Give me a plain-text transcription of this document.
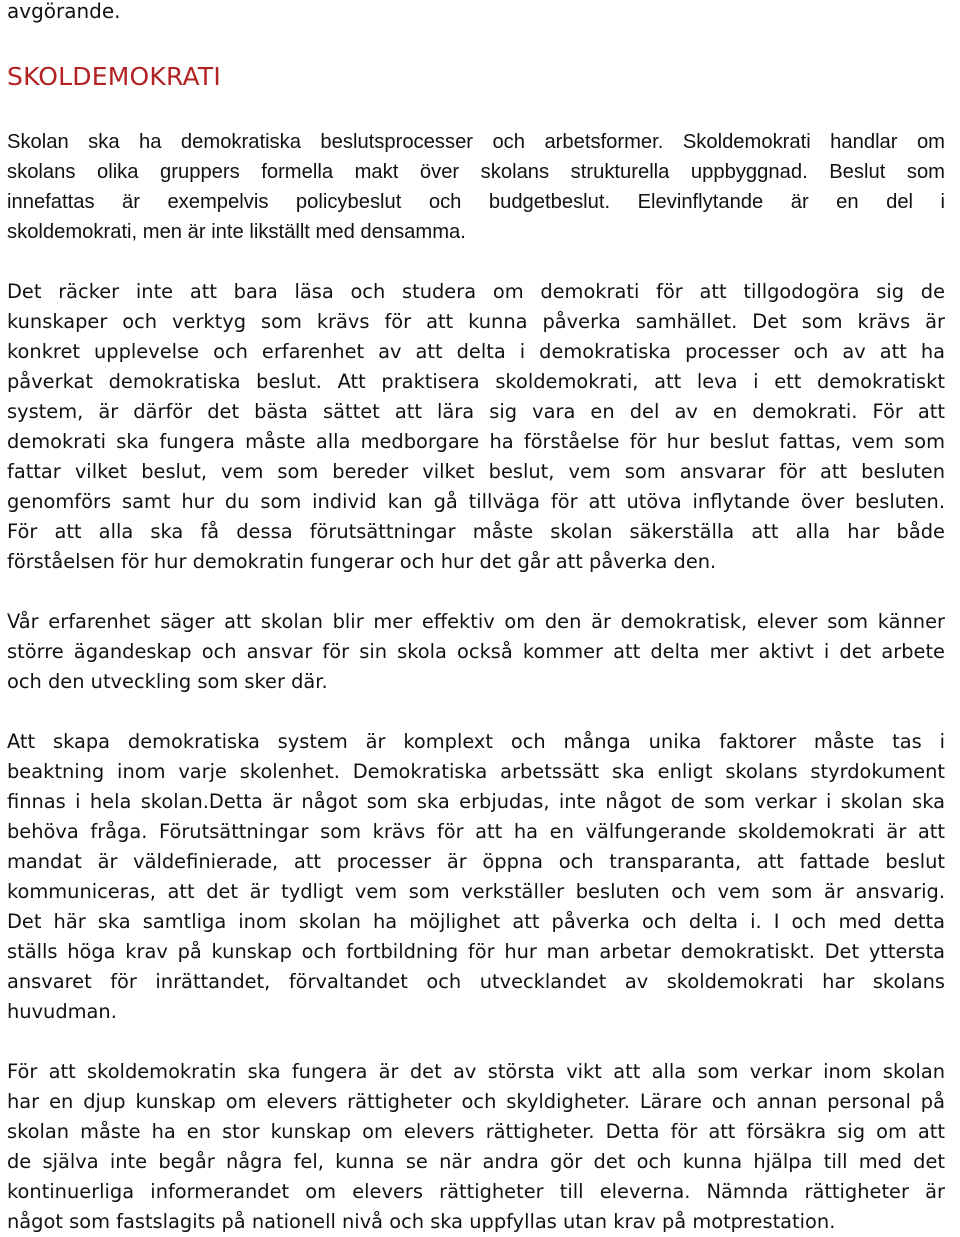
avgörande.

SKOLDEMOKRATI

Skolan ska ha demokratiska beslutsprocesser och arbetsformer. Skoldemokrati handlar om
skolans olika gruppers formella makt över skolans strukturella uppbyggnad. Beslut som
innefattas är exempelvis policybeslut och budgetbeslut. Elevinflytande är en del i
skoldemokrati, men är inte likställt med densamma.

Det räcker inte att bara läsa och studera om demokrati för att tillgodogöra sig de
kunskaper och verktyg som krävs för att kunna påverka samhället. Det som krävs är
konkret upplevelse och erfarenhet av att delta i demokratiska processer och av att ha
påverkat demokratiska beslut. Att praktisera skoldemokrati, att leva i ett demokratiskt
system, är därför det bästa sättet att lära sig vara en del av en demokrati. För att
demokrati ska fungera måste alla medborgare ha förståelse för hur beslut fattas, vem som
fattar vilket beslut, vem som bereder vilket beslut, vem som ansvarar för att besluten
genomförs samt hur du som individ kan gå tillväga för att utöva inflytande över besluten.
För att alla ska få dessa förutsättningar måste skolan säkerställa att alla har både
förståelsen för hur demokratin fungerar och hur det går att påverka den.

Vår erfarenhet säger att skolan blir mer effektiv om den är demokratisk, elever som känner
större ägandeskap och ansvar för sin skola också kommer att delta mer aktivt i det arbete
och den utveckling som sker där.

Att skapa demokratiska system är komplext och många unika faktorer måste tas i
beaktning inom varje skolenhet. Demokratiska arbetssätt ska enligt skolans styrdokument
finnas i hela skolan.Detta är något som ska erbjudas, inte något de som verkar i skolan ska
behöva fråga. Förutsättningar som krävs för att ha en välfungerande skoldemokrati är att
mandat är väldefinierade, att processer är öppna och transparanta, att fattade beslut
kommuniceras, att det är tydligt vem som verkställer besluten och vem som är ansvarig.
Det här ska samtliga inom skolan ha möjlighet att påverka och delta i. I och med detta
ställs höga krav på kunskap och fortbildning för hur man arbetar demokratiskt. Det yttersta
ansvaret för inrättandet, förvaltandet och utvecklandet av skoldemokrati har skolans
huvudman.

För att skoldemokratin ska fungera är det av största vikt att alla som verkar inom skolan
har en djup kunskap om elevers rättigheter och skyldigheter. Lärare och annan personal på
skolan måste ha en stor kunskap om elevers rättigheter. Detta för att försäkra sig om att
de själva inte begår några fel, kunna se när andra gör det och kunna hjälpa till med det
kontinuerliga informerandet om elevers rättigheter till eleverna. Nämnda rättigheter är
något som fastslagits på nationell nivå och ska uppfyllas utan krav på motprestation.
